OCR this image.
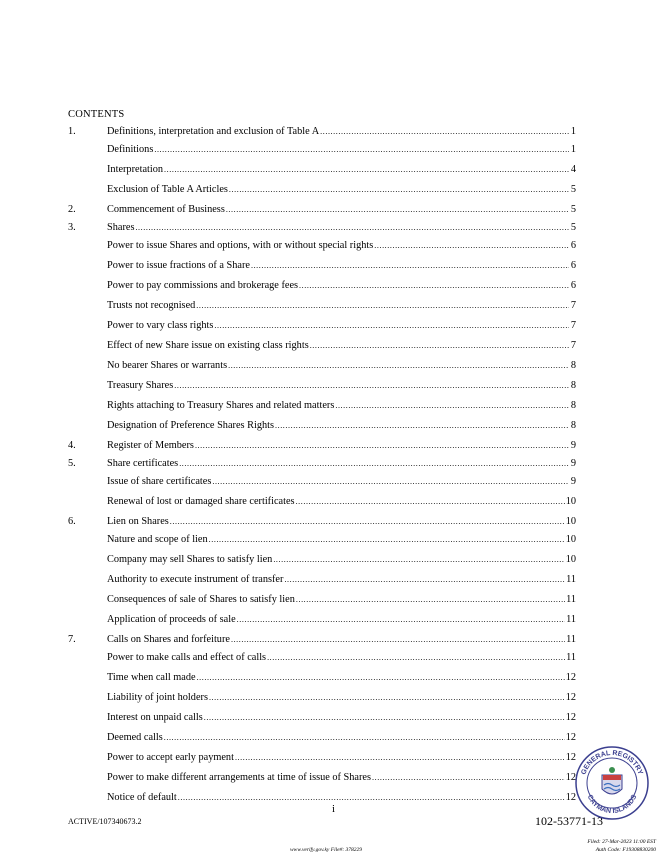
CONTENTS
1.	Definitions, interpretation and exclusion of Table A .....	1
Definitions .....	1
Interpretation .....	4
Exclusion of Table A Articles .....	5
2.	Commencement of Business .....	5
3.	Shares .....	5
Power to issue Shares and options, with or without special rights .....	6
Power to issue fractions of a Share .....	6
Power to pay commissions and brokerage fees .....	6
Trusts not recognised .....	7
Power to vary class rights .....	7
Effect of new Share issue on existing class rights .....	7
No bearer Shares or warrants .....	8
Treasury Shares .....	8
Rights attaching to Treasury Shares and related matters .....	8
Designation of Preference Shares Rights .....	8
4.	Register of Members .....	9
5.	Share certificates .....	9
Issue of share certificates .....	9
Renewal of lost or damaged share certificates .....	10
6.	Lien on Shares .....	10
Nature and scope of lien .....	10
Company may sell Shares to satisfy lien .....	10
Authority to execute instrument of transfer .....	11
Consequences of sale of Shares to satisfy lien .....	11
Application of proceeds of sale .....	11
7.	Calls on Shares and forfeiture .....	11
Power to make calls and effect of calls .....	11
Time when call made .....	12
Liability of joint holders .....	12
Interest on unpaid calls .....	12
Deemed calls .....	12
Power to accept early payment .....	12
Power to make different arrangements at time of issue of Shares .....	12
Notice of default .....	12
i
ACTIVE/107340673.2	102-53771-13
GENERAL REGISTRY
CAYMAN ISLANDS
Filed: 27-Mar-2023 11:00 EST
Auth Code: F19308830200
www.verify.gov.ky File#: 378229
